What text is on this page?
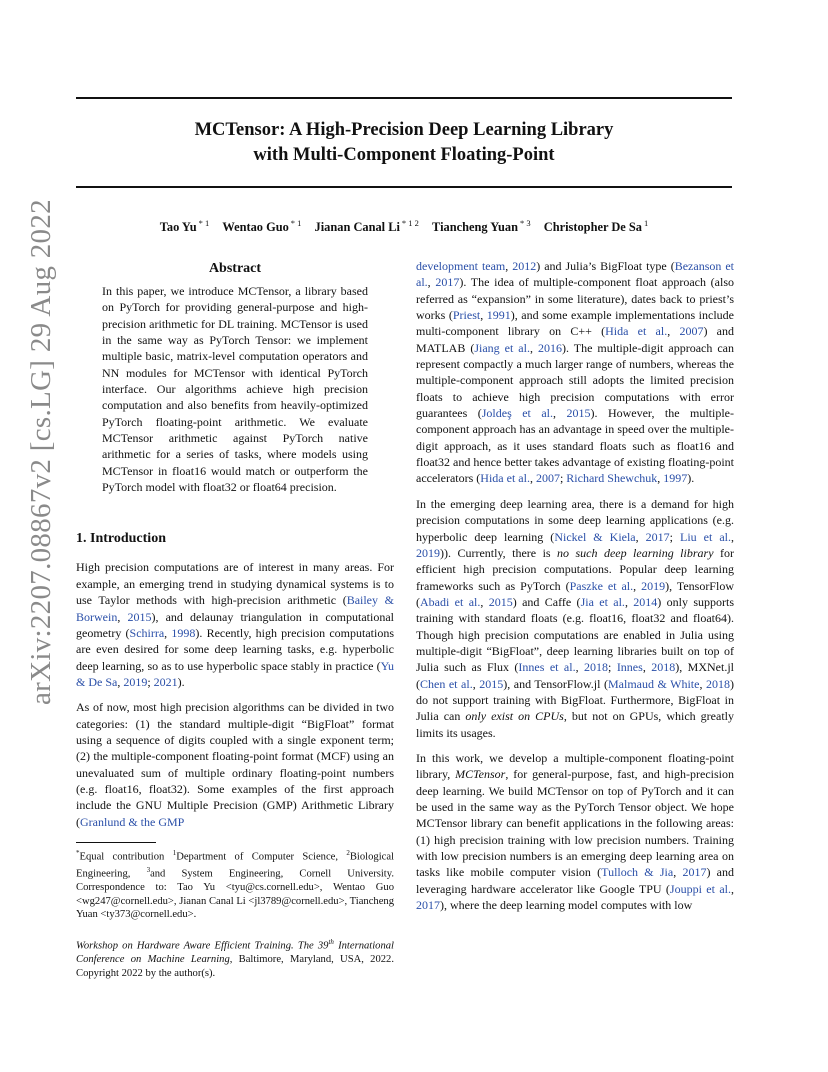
MCTensor: A High-Precision Deep Learning Library
with Multi-Component Floating-Point
Tao Yu $^{* 1}$ Wentao Guo $^{* 1}$ Jianan Canal Li $^{* 1 2}$ Tiancheng Yuan $^{* 3}$ Christopher De Sa $^1$
arXiv:2207.08867v2 [cs.LG] 29 Aug 2022	Abstract
In this paper, we introduce MCTensor, a library based on PyTorch for providing general-purpose and high-precision arithmetic for DL training. MCTensor is used in the same way as PyTorch Tensor: we implement multiple basic, matrix-level computation operators and NN modules for MCTensor with identical PyTorch interface. Our algorithms achieve high precision computation and also benefits from heavily-optimized PyTorch floating-point arithmetic. We evaluate MCTensor arithmetic against PyTorch native arithmetic for a series of tasks, where models using MCTensor in float16 would match or outperform the PyTorch model with float32 or float64 precision.
1. Introduction

High precision computations are of interest in many areas. For example, an emerging trend in studying dynamical systems is to use Taylor methods with high-precision arithmetic (Bailey & Borwein, 2015), and delaunay triangulation in computational geometry (Schirra, 1998). Recently, high precision computations are even desired for some deep learning tasks, e.g. hyperbolic deep learning, so as to use hyperbolic space stably in practice (Yu & De Sa, 2019; 2021).

As of now, most high precision algorithms can be divided in two categories: (1) the standard multiple-digit “BigFloat” format using a sequence of digits coupled with a single exponent term; (2) the multiple-component floating-point format (MCF) using an unevaluated sum of multiple ordinary floating-point numbers (e.g. float16, float32). Some examples of the first approach include the GNU Multiple Precision (GMP) Arithmetic Library (Granlund & the GMP

*Equal contribution $^1$Department of Computer Science, $^2$Biological Engineering, $^3$and System Engineering, Cornell University. Correspondence to: Tao Yu <tyu@cs.cornell.edu>, Wentao Guo <wg247@cornell.edu>, Jianan Canal Li <jl3789@cornell.edu>, Tiancheng Yuan <ty373@cornell.edu>.

Workshop on Hardware Aware Efficient Training. The 39th International Conference on Machine Learning, Baltimore, Maryland, USA, 2022. Copyright 2022 by the author(s).

development team, 2012) and Julia’s BigFloat type (Bezanson et al., 2017). The idea of multiple-component float approach (also referred as “expansion” in some literature), dates back to priest’s works (Priest, 1991), and some example implementations include multi-component library on C++ (Hida et al., 2007) and MATLAB (Jiang et al., 2016). The multiple-digit approach can represent compactly a much larger range of numbers, whereas the multiple-component approach still adopts the limited precision floats to achieve high precision computations with error guarantees (Joldeş et al., 2015). However, the multiple-component approach has an advantage in speed over the multiple-digit approach, as it uses standard floats such as float16 and float32 and hence better takes advantage of existing floating-point accelerators (Hida et al., 2007; Richard Shewchuk, 1997).

In the emerging deep learning area, there is a demand for high precision computations in some deep learning applications (e.g. hyperbolic deep learning (Nickel & Kiela, 2017; Liu et al., 2019)). Currently, there is no such deep learning library for efficient high precision computations. Popular deep learning frameworks such as PyTorch (Paszke et al., 2019), TensorFlow (Abadi et al., 2015) and Caffe (Jia et al., 2014) only supports training with standard floats (e.g. float16, float32 and float64). Though high precision computations are enabled in Julia using multiple-digit “BigFloat”, deep learning libraries built on top of Julia such as Flux (Innes et al., 2018; Innes, 2018), MXNet.jl (Chen et al., 2015), and TensorFlow.jl (Malmaud & White, 2018) do not support training with BigFloat. Furthermore, BigFloat in Julia can only exist on CPUs, but not on GPUs, which greatly limits its usages.

In this work, we develop a multiple-component floating-point library, MCTensor, for general-purpose, fast, and high-precision deep learning. We build MCTensor on top of PyTorch and it can be used in the same way as the PyTorch Tensor object. We hope MCTensor library can benefit applications in the following areas: (1) high precision training with low precision numbers. Training with low precision numbers is an emerging deep learning area on tasks like mobile computer vision (Tulloch & Jia, 2017) and leveraging hardware accelerator like Google TPU (Jouppi et al., 2017), where the deep learning model computes with low
